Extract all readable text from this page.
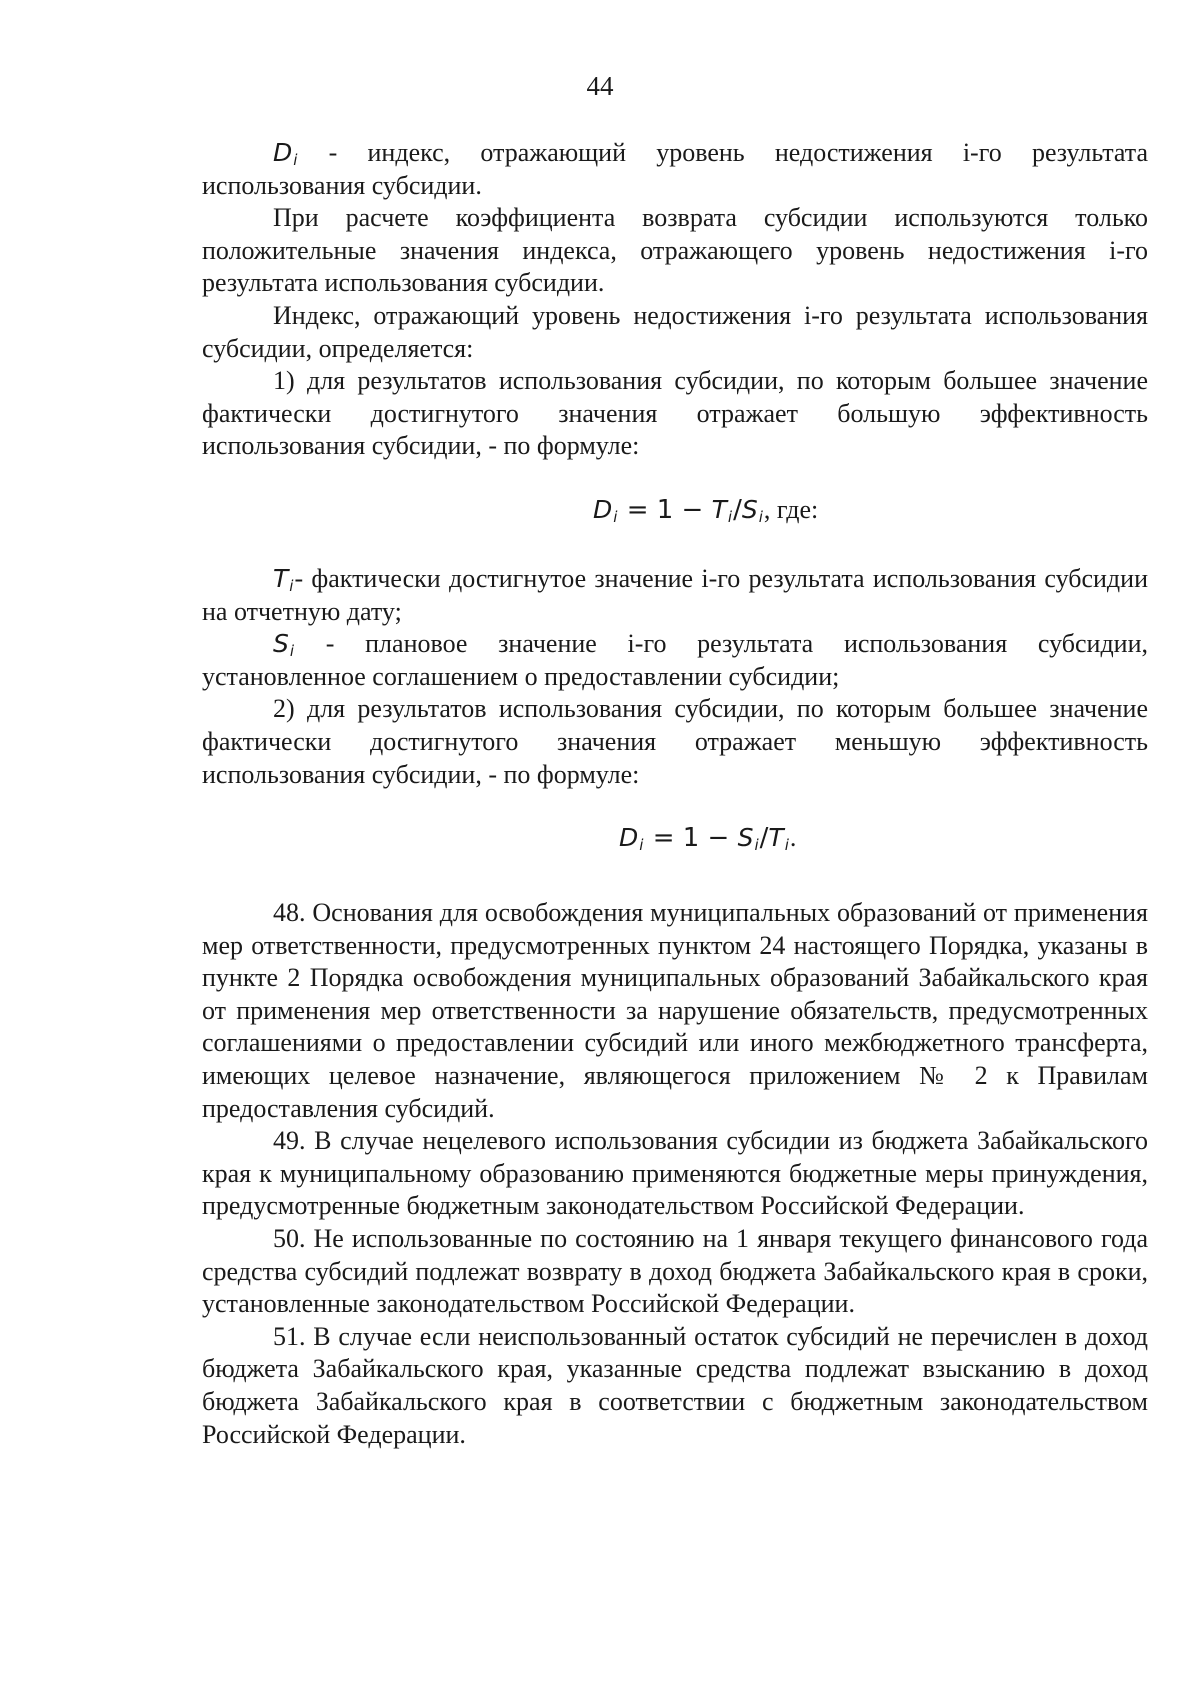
44

$D_i$ - индекс, отражающий уровень недостижения i-го результата использования субсидии.

При расчете коэффициента возврата субсидии используются только положительные значения индекса, отражающего уровень недостижения i-го результата использования субсидии.

Индекс, отражающий уровень недостижения i-го результата использования субсидии, определяется:

1) для результатов использования субсидии, по которым большее значение фактически достигнутого значения отражает большую эффективность использования субсидии, - по формуле:

$D_i = 1 - T_i/S_i$, где:

$T_i-$ фактически достигнутое значение i-го результата использования субсидии на отчетную дату;

$S_i$ - плановое значение i-го результата использования субсидии, установленное соглашением о предоставлении субсидии;

2) для результатов использования субсидии, по которым большее значение фактически достигнутого значения отражает меньшую эффективность использования субсидии, - по формуле:

$D_i = 1 - S_i/T_i$.

48. Основания для освобождения муниципальных образований от применения мер ответственности, предусмотренных пунктом 24 настоящего Порядка, указаны в пункте 2 Порядка освобождения муниципальных образований Забайкальского края от применения мер ответственности за нарушение обязательств, предусмотренных соглашениями о предоставлении субсидий или иного межбюджетного трансферта, имеющих целевое назначение, являющегося приложением № 2 к Правилам предоставления субсидий.

49. В случае нецелевого использования субсидии из бюджета Забайкальского края к муниципальному образованию применяются бюджетные меры принуждения, предусмотренные бюджетным законодательством Российской Федерации.

50. Не использованные по состоянию на 1 января текущего финансового года средства субсидий подлежат возврату в доход бюджета Забайкальского края в сроки, установленные законодательством Российской Федерации.

51. В случае если неиспользованный остаток субсидий не перечислен в доход бюджета Забайкальского края, указанные средства подлежат взысканию в доход бюджета Забайкальского края в соответствии с бюджетным законодательством Российской Федерации.
